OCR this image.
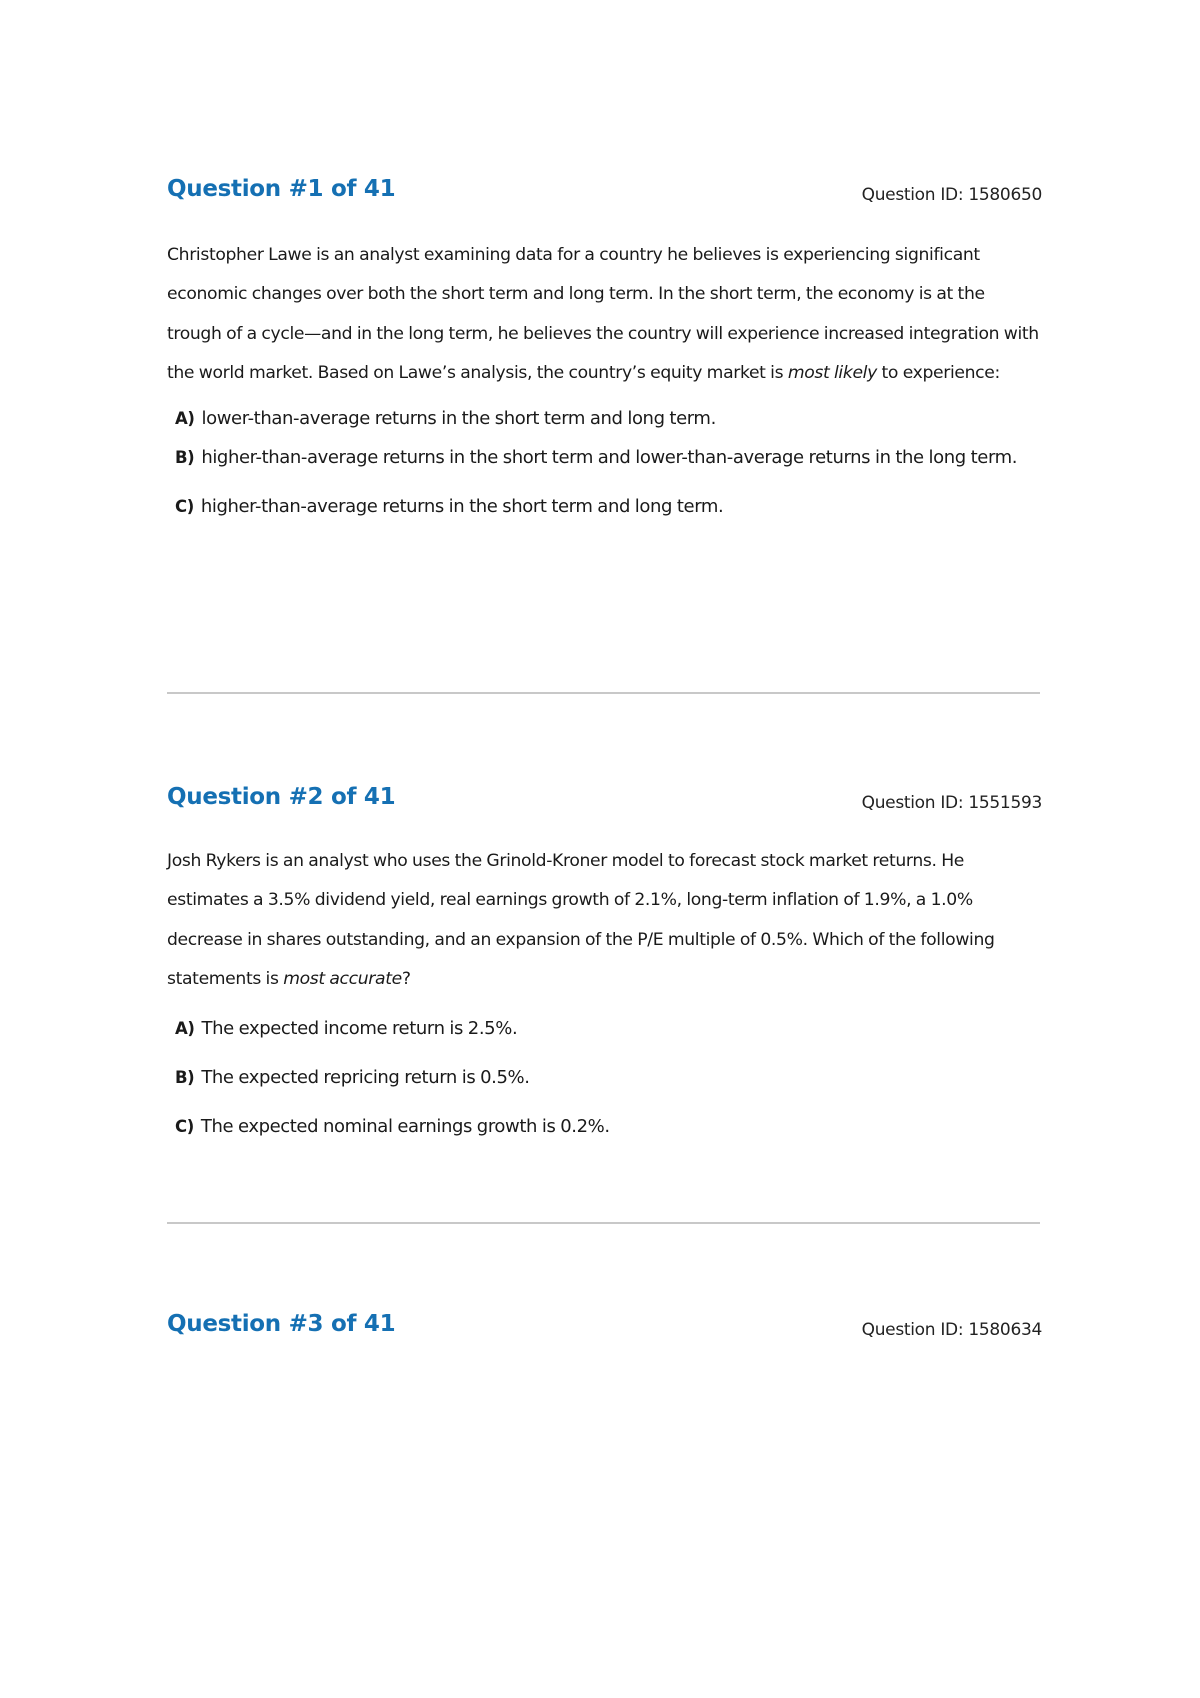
Question #1 of 41	Question ID: 1580650

Christopher Lawe is an analyst examining data for a country he believes is experiencing significant economic changes over both the short term and long term. In the short term, the economy is at the trough of a cycle—and in the long term, he believes the country will experience increased integration with the world market. Based on Lawe’s analysis, the country’s equity market is most likely to experience:

A) lower-than-average returns in the short term and long term.
B) higher-than-average returns in the short term and lower-than-average returns in the long term.
C) higher-than-average returns in the short term and long term.
Question #2 of 41	Question ID: 1551593

Josh Rykers is an analyst who uses the Grinold-Kroner model to forecast stock market returns. He estimates a 3.5% dividend yield, real earnings growth of 2.1%, long-term inflation of 1.9%, a 1.0% decrease in shares outstanding, and an expansion of the P/E multiple of 0.5%. Which of the following statements is most accurate?

A) The expected income return is 2.5%.
B) The expected repricing return is 0.5%.
C) The expected nominal earnings growth is 0.2%.
Question #3 of 41	Question ID: 1580634
